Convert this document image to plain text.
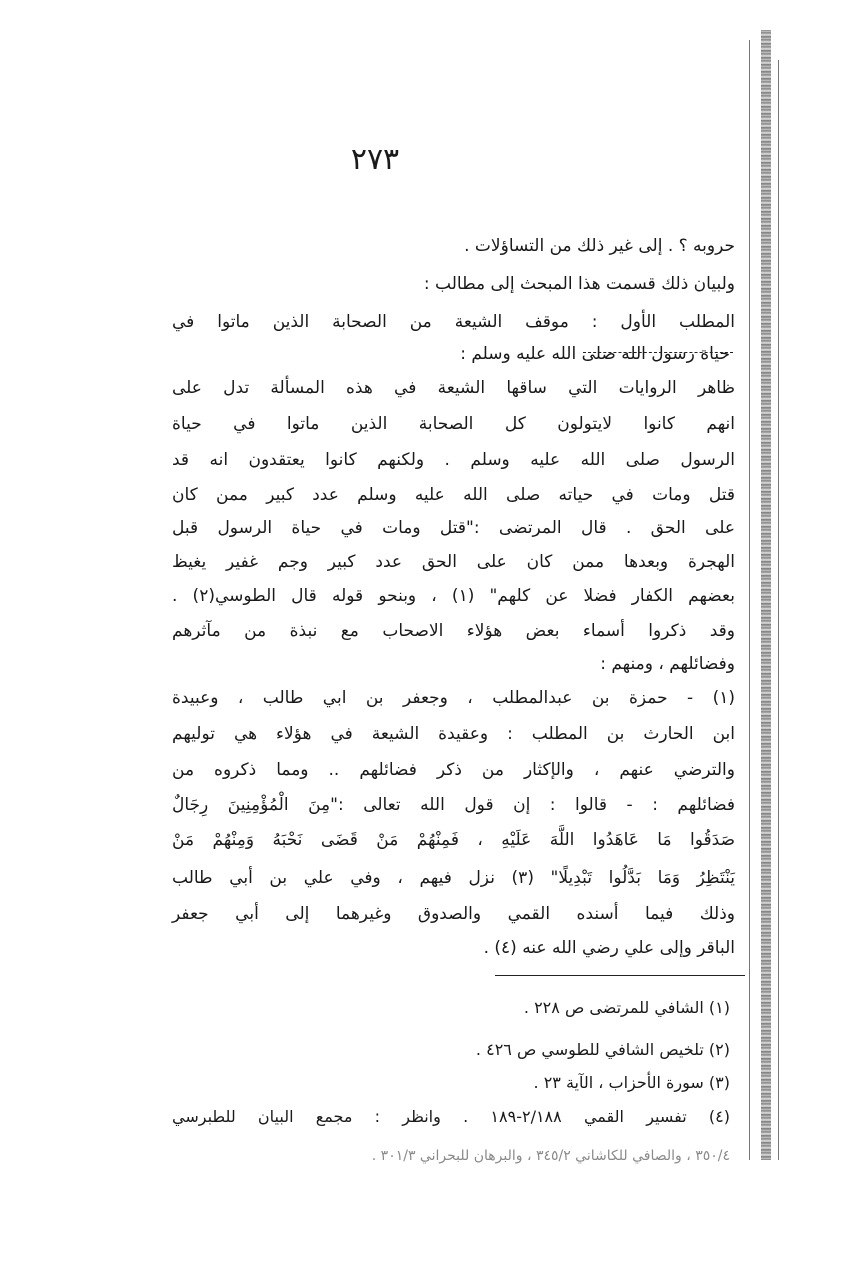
٢٧٣
حروبه ؟ . إلى غير ذلك من التساؤلات .
ولبيان ذلك قسمت هذا المبحث إلى مطالب :
المطلب الأول : موقف الشيعة من الصحابة الذين ماتوا في
حياة رسول الله صلى الله عليه وسلم :
ظاهر الروايات التي ساقها الشيعة في هذه المسألة تدل على
انهم كانوا لايتولون كل الصحابة الذين ماتوا في حياة
الرسول صلى الله عليه وسلم . ولكنهم كانوا يعتقدون انه قد
قتل ومات في حياته صلى الله عليه وسلم عدد كبير ممن كان
على الحق . قال المرتضى :"قتل ومات في حياة الرسول قبل
الهجرة وبعدها ممن كان على الحق عدد كبير وجم غفير يغيظ
بعضهم الكفار فضلا عن كلهم" (١) ، وبنحو قوله قال الطوسي(٢) .
وقد ذكروا أسماء بعض هؤلاء الاصحاب مع نبذة من مآثرهم
وفضائلهم ، ومنهم :
(١) - حمزة بن عبدالمطلب ، وجعفر بن ابي طالب ، وعبيدة
ابن الحارث بن المطلب : وعقيدة الشيعة في هؤلاء هي توليهم
والترضي عنهم ، والإكثار من ذكر فضائلهم .. ومما ذكروه من
فضائلهم : - قالوا : إن قول الله تعالى :"مِنَ الْمُؤْمِنِينَ رِجَالٌ
صَدَقُوا مَا عَاهَدُوا اللَّهَ عَلَيْهِ ، فَمِنْهُمْ مَنْ قَضَى نَحْبَهُ وَمِنْهُمْ مَنْ
يَنْتَظِرُ وَمَا بَدَّلُوا تَبْدِيلًا" (٣) نزل فيهم ، وفي علي بن أبي طالب
وذلك فيما أسنده القمي والصدوق وغيرهما إلى أبي جعفر
الباقر وإلى علي رضي الله عنه (٤) .
(١) الشافي للمرتضى ص ٢٢٨ .
(٢) تلخيص الشافي للطوسي ص ٤٢٦ .
(٣) سورة الأحزاب ، الآية ٢٣ .
(٤) تفسير القمي ٢/١٨٨-١٨٩ . وانظر : مجمع البيان للطبرسي
٣٥٠/٤ ، والصافي للكاشاني ٣٤٥/٢ ، والبرهان للبحراني ٣٠١/٣ .
